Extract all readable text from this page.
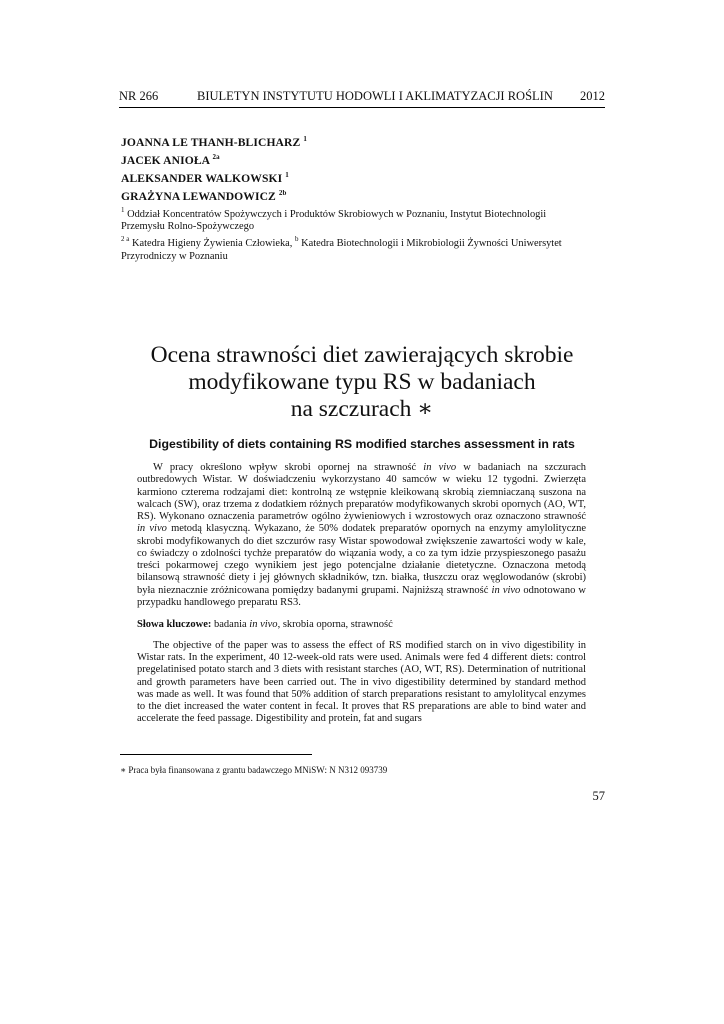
NR 266	BIULETYN INSTYTUTU HODOWLI I AKLIMATYZACJI ROŚLIN 2012
JOANNA LE THANH-BLICHARZ $^1$
JACEK ANIOŁA $^{2a}$
ALEKSANDER WALKOWSKI $^1$
GRAŻYNA LEWANDOWICZ $^{2b}$
$^1$ Oddział Koncentratów Spożywczych i Produktów Skrobiowych w Poznaniu, Instytut Biotechnologii Przemysłu Rolno-Spożywczego
$^{2 a}$ Katedra Higieny Żywienia Człowieka, $^b$ Katedra Biotechnologii i Mikrobiologii Żywności Uniwersytet Przyrodniczy w Poznaniu
Ocena strawności diet zawierających skrobie
modyfikowane typu RS w badaniach
na szczurach ∗
Digestibility of diets containing RS modified starches assessment in rats

W pracy określono wpływ skrobi opornej na strawność in vivo w badaniach na szczurach outbredowych Wistar. W doświadczeniu wykorzystano 40 samców w wieku 12 tygodni. Zwierzęta karmiono czterema rodzajami diet: kontrolną ze wstępnie kleikowaną skrobią ziemniaczaną suszona na walcach (SW), oraz trzema z dodatkiem różnych preparatów modyfikowanych skrobi opornych (AO, WT, RS). Wykonano oznaczenia parametrów ogólno żywieniowych i wzrostowych oraz oznaczono strawność in vivo metodą klasyczną. Wykazano, że 50% dodatek preparatów opornych na enzymy amylolityczne skrobi modyfikowanych do diet szczurów rasy Wistar spowodował zwiększenie zawartości wody w kale, co świadczy o zdolności tychże preparatów do wiązania wody, a co za tym idzie przyspieszonego pasażu treści pokarmowej czego wynikiem jest jego potencjalne działanie dietetyczne. Oznaczona metodą bilansową strawność diety i jej głównych składników, tzn. białka, tłuszczu oraz węglowodanów (skrobi) była nieznacznie zróżnicowana pomiędzy badanymi grupami. Najniższą strawność in vivo odnotowano w przypadku handlowego preparatu RS3.

Słowa kluczowe: badania in vivo, skrobia oporna, strawność

The objective of the paper was to assess the effect of RS modified starch on in vivo digestibility in Wistar rats. In the experiment, 40 12-week-old rats were used. Animals were fed 4 different diets: control pregelatinised potato starch and 3 diets with resistant starches (AO, WT, RS). Determination of nutritional and growth parameters have been carried out. The in vivo digestibility determined by standard method was made as well. It was found that 50% addition of starch preparations resistant to amylolitycal enzymes to the diet increased the water content in fecal. It proves that RS preparations are able to bind water and accelerate the feed passage. Digestibility and protein, fat and sugars

∗ Praca była finansowana z grantu badawczego MNiSW: N N312 093739
57
